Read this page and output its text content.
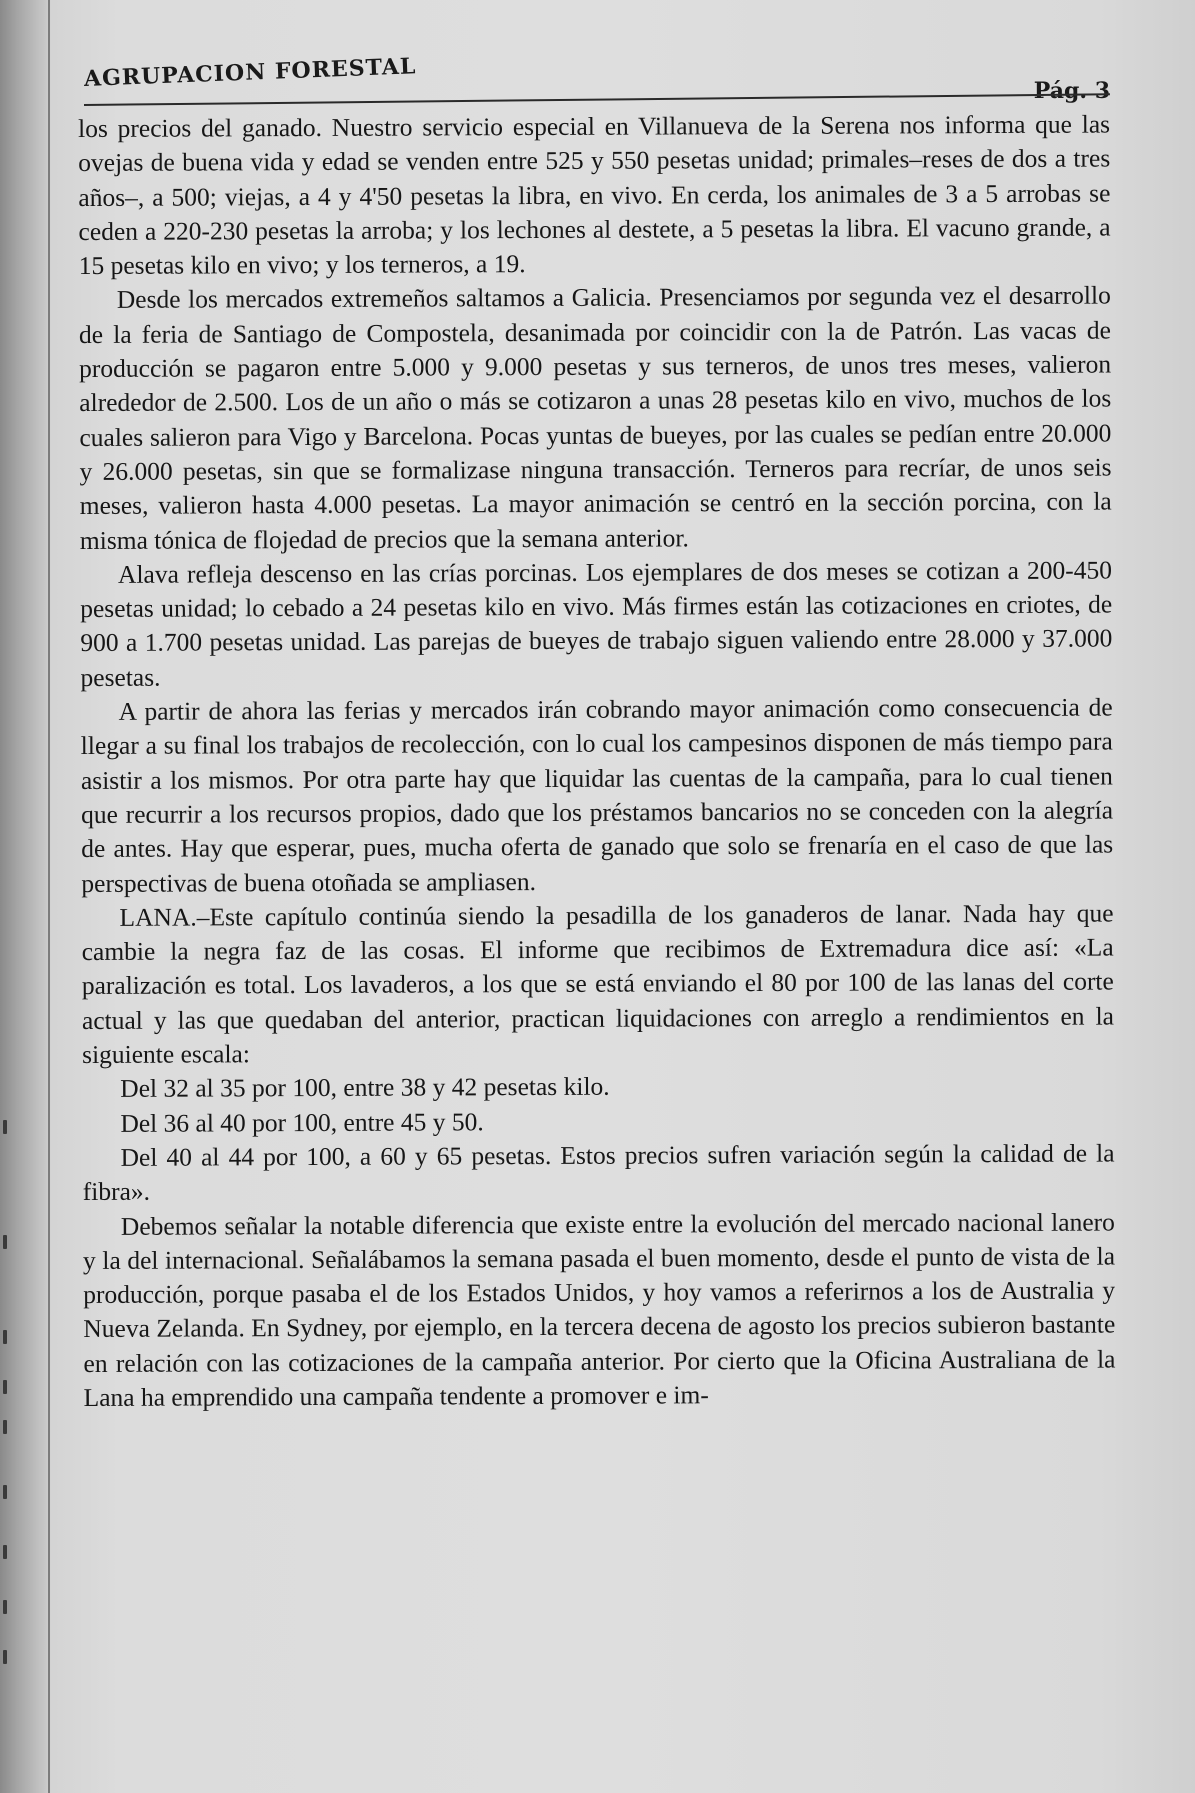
AGRUPACION FORESTAL	Pág. 3

los precios del ganado. Nuestro servicio especial en Villanueva de la Serena nos informa que las ovejas de buena vida y edad se venden entre 525 y 550 pesetas unidad; primales–reses de dos a tres años–, a 500; viejas, a 4 y 4'50 pesetas la libra, en vivo. En cerda, los animales de 3 a 5 arrobas se ceden a 220-230 pesetas la arroba; y los lechones al destete, a 5 pesetas la libra. El vacuno grande, a 15 pesetas kilo en vivo; y los terneros, a 19.

Desde los mercados extremeños saltamos a Galicia. Presenciamos por segunda vez el desarrollo de la feria de Santiago de Compostela, desanimada por coincidir con la de Patrón. Las vacas de producción se pagaron entre 5.000 y 9.000 pesetas y sus terneros, de unos tres meses, valieron alrededor de 2.500. Los de un año o más se cotizaron a unas 28 pesetas kilo en vivo, muchos de los cuales salieron para Vigo y Barcelona. Pocas yuntas de bueyes, por las cuales se pedían entre 20.000 y 26.000 pesetas, sin que se formalizase ninguna transacción. Terneros para recríar, de unos seis meses, valieron hasta 4.000 pesetas. La mayor animación se centró en la sección porcina, con la misma tónica de flojedad de precios que la semana anterior.

Alava refleja descenso en las crías porcinas. Los ejemplares de dos meses se cotizan a 200-450 pesetas unidad; lo cebado a 24 pesetas kilo en vivo. Más firmes están las cotizaciones en criotes, de 900 a 1.700 pesetas unidad. Las parejas de bueyes de trabajo siguen valiendo entre 28.000 y 37.000 pesetas.

A partir de ahora las ferias y mercados irán cobrando mayor animación como consecuencia de llegar a su final los trabajos de recolección, con lo cual los campesinos disponen de más tiempo para asistir a los mismos. Por otra parte hay que liquidar las cuentas de la campaña, para lo cual tienen que recurrir a los recursos propios, dado que los préstamos bancarios no se conceden con la alegría de antes. Hay que esperar, pues, mucha oferta de ganado que solo se frenaría en el caso de que las perspectivas de buena otoñada se ampliasen.

LANA.–Este capítulo continúa siendo la pesadilla de los ganaderos de lanar. Nada hay que cambie la negra faz de las cosas. El informe que recibimos de Extremadura dice así: «La paralización es total. Los lavaderos, a los que se está enviando el 80 por 100 de las lanas del corte actual y las que quedaban del anterior, practican liquidaciones con arreglo a rendimientos en la siguiente escala:

Del 32 al 35 por 100, entre 38 y 42 pesetas kilo.

Del 36 al 40 por 100, entre 45 y 50.

Del 40 al 44 por 100, a 60 y 65 pesetas. Estos precios sufren variación según la calidad de la fibra».

Debemos señalar la notable diferencia que existe entre la evolución del mercado nacional lanero y la del internacional. Señalábamos la semana pasada el buen momento, desde el punto de vista de la producción, porque pasaba el de los Estados Unidos, y hoy vamos a referirnos a los de Australia y Nueva Zelanda. En Sydney, por ejemplo, en la tercera decena de agosto los precios subieron bastante en relación con las cotizaciones de la campaña anterior. Por cierto que la Oficina Australiana de la Lana ha emprendido una campaña tendente a promover e im-
